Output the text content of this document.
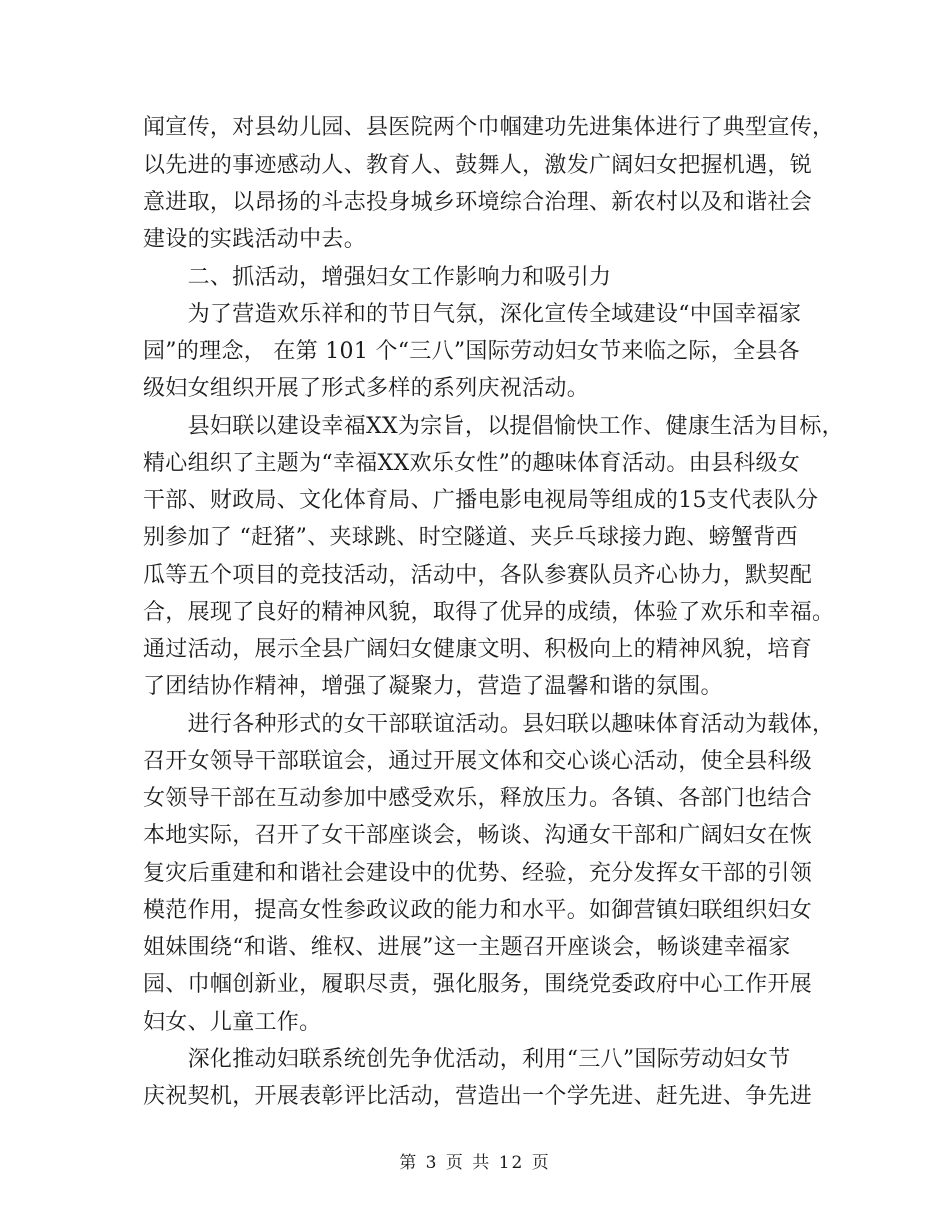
闻宣传，对县幼儿园、县医院两个巾帼建功先进集体进行了典型宣传，
以先进的事迹感动人、教育人、鼓舞人，激发广阔妇女把握机遇，锐
意进取，以昂扬的斗志投身城乡环境综合治理、新农村以及和谐社会
建设的实践活动中去。
　　二、抓活动，增强妇女工作影响力和吸引力
　　为了营造欢乐祥和的节日气氛，深化宣传全域建设“中国幸福家
园”的理念， 在第 101 个“三八”国际劳动妇女节来临之际，全县各
级妇女组织开展了形式多样的系列庆祝活动。
　　县妇联以建设幸福XX为宗旨，以提倡愉快工作、健康生活为目标，
精心组织了主题为“幸福XX欢乐女性”的趣味体育活动。由县科级女
干部、财政局、文化体育局、广播电影电视局等组成的15支代表队分
别参加了 “赶猪”、夹球跳、时空隧道、夹乒乓球接力跑、螃蟹背西
瓜等五个项目的竞技活动，活动中，各队参赛队员齐心协力，默契配
合，展现了良好的精神风貌，取得了优异的成绩，体验了欢乐和幸福。
通过活动，展示全县广阔妇女健康文明、积极向上的精神风貌，培育
了团结协作精神，增强了凝聚力，营造了温馨和谐的氛围。
　　进行各种形式的女干部联谊活动。县妇联以趣味体育活动为载体，
召开女领导干部联谊会，通过开展文体和交心谈心活动，使全县科级
女领导干部在互动参加中感受欢乐，释放压力。各镇、各部门也结合
本地实际，召开了女干部座谈会，畅谈、沟通女干部和广阔妇女在恢
复灾后重建和和谐社会建设中的优势、经验，充分发挥女干部的引领
模范作用，提高女性参政议政的能力和水平。如御营镇妇联组织妇女
姐妹围绕“和谐、维权、进展”这一主题召开座谈会，畅谈建幸福家
园、巾帼创新业，履职尽责，强化服务，围绕党委政府中心工作开展
妇女、儿童工作。
　　深化推动妇联系统创先争优活动，利用“三八”国际劳动妇女节
庆祝契机，开展表彰评比活动，营造出一个学先进、赶先进、争先进
第 3 页 共 12 页
